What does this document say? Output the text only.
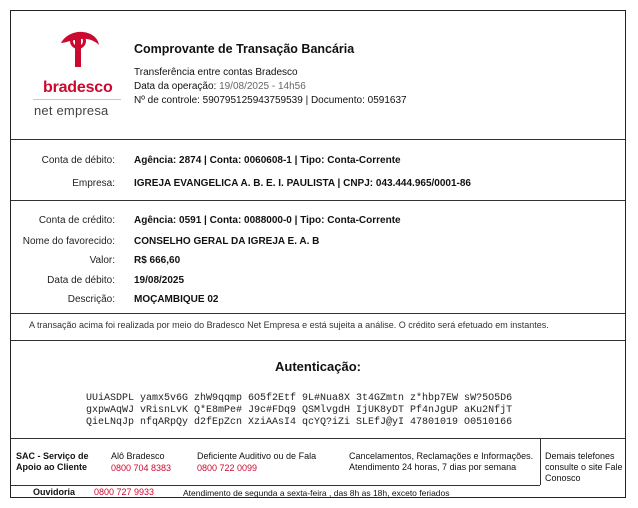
bradesco
net empresa
Comprovante de Transação Bancária
Transferência entre contas Bradesco
Data da operação: 19/08/2025 - 14h56
Nº de controle: 590795125943759539 | Documento: 0591637
Conta de débito: Agência: 2874 | Conta: 0060608-1 | Tipo: Conta-Corrente
Empresa: IGREJA EVANGELICA A. B. E. I. PAULISTA | CNPJ: 043.444.965/0001-86
Conta de crédito: Agência: 0591 | Conta: 0088000-0 | Tipo: Conta-Corrente
Nome do favorecido: CONSELHO GERAL DA IGREJA E. A. B
Valor: R$ 666,60
Data de débito: 19/08/2025
Descrição: MOÇAMBIQUE 02
A transação acima foi realizada por meio do Bradesco Net Empresa e está sujeita a análise. O crédito será efetuado em instantes.
Autenticação:
UUiASDPL yamx5v6G zhW9qqmp 6O5f2Etf 9L#Nua8X 3t4GZmtn z*hbp7EW sW?5O5D6
gxpwAqWJ vRisnLvK Q*E8mPe# J9c#FDq9 QSMlvgdH IjUK8yDT Pf4nJgUP aKu2NfjT
QieLNqJp nfqARpQy d2fEpZcn XziAAsI4 qcYQ?iZi SLEfJ@yI 47801019 O0510166
SAC - Serviço de Apoio ao Cliente
Alô Bradesco
0800 704 8383
Deficiente Auditivo ou de Fala
0800 722 0099
Cancelamentos, Reclamações e Informações. Atendimento 24 horas, 7 dias por semana
Demais telefones consulte o site Fale Conosco
Ouvidoria 0800 727 9933	Atendimento de segunda a sexta-feira , das 8h as 18h, exceto feriados
